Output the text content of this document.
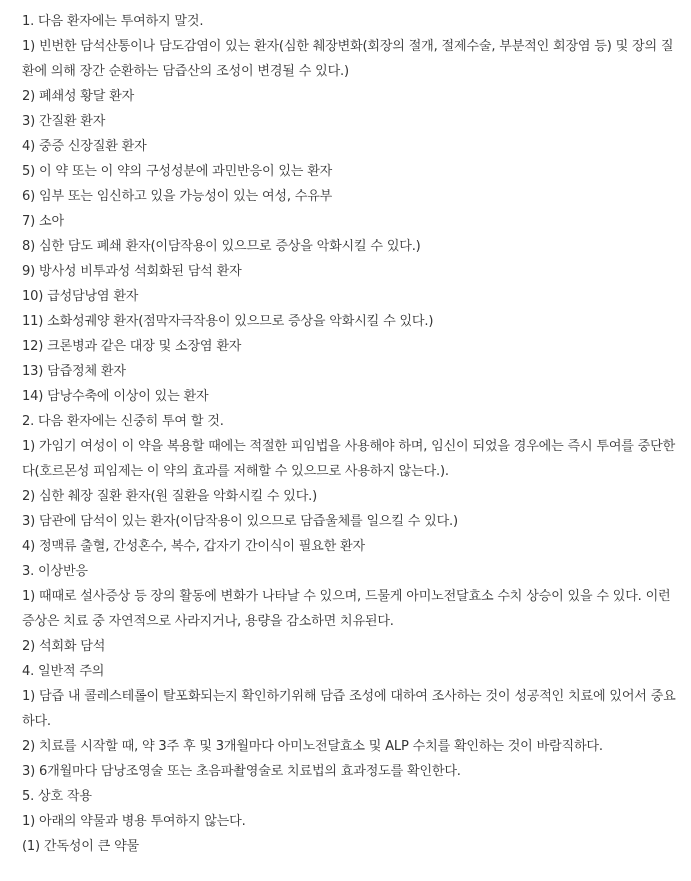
1. 다음 환자에는 투여하지 말것.

1) 빈번한 담석산통이나 담도감염이 있는 환자(심한 췌장변화(회장의 절개, 절제수술, 부분적인 회장염 등) 및 장의 질환에 의해 장간 순환하는 담즙산의 조성이 변경될 수 있다.)

2) 폐쇄성 황달 환자

3) 간질환 환자

4) 중증 신장질환 환자

5) 이 약 또는 이 약의 구성성분에 과민반응이 있는 환자

6) 임부 또는 임신하고 있을 가능성이 있는 여성, 수유부

7) 소아

8) 심한 담도 폐쇄 환자(이담작용이 있으므로 증상을 악화시킬 수 있다.)

9) 방사성 비투과성 석회화된 담석 환자

10) 급성담낭염 환자

11) 소화성궤양 환자(점막자극작용이 있으므로 증상을 악화시킬 수 있다.)

12) 크론병과 같은 대장 및 소장염 환자

13) 담즙정체 환자

14) 담낭수축에 이상이 있는 환자

2. 다음 환자에는 신중히 투여 할 것.

1) 가임기 여성이 이 약을 복용할 때에는 적절한 피임법을 사용해야 하며, 임신이 되었을 경우에는 즉시 투여를 중단한다(호르몬성 피임제는 이 약의 효과를 저해할 수 있으므로 사용하지 않는다.).

2) 심한 췌장 질환 환자(원 질환을 악화시킬 수 있다.)

3) 담관에 담석이 있는 환자(이담작용이 있으므로 담즙울체를 일으킬 수 있다.)

4) 정맥류 출혈, 간성혼수, 복수, 갑자기 간이식이 필요한 환자

3. 이상반응

1) 때때로 설사증상 등 장의 활동에 변화가 나타날 수 있으며, 드물게 아미노전달효소 수치 상승이 있을 수 있다. 이런 증상은 치료 중 자연적으로 사라지거나, 용량을 감소하면 치유된다.

2) 석회화 담석

4. 일반적 주의

1) 담즙 내 콜레스테롤이 탈포화되는지 확인하기위해 담즙 조성에 대하여 조사하는 것이 성공적인 치료에 있어서 중요하다.

2) 치료를 시작할 때, 약 3주 후 및 3개월마다 아미노전달효소 및 ALP 수치를 확인하는 것이 바람직하다.

3) 6개월마다 담낭조영술 또는 초음파촬영술로 치료법의 효과정도를 확인한다.

5. 상호 작용

1) 아래의 약물과 병용 투여하지 않는다.

(1) 간독성이 큰 약물
